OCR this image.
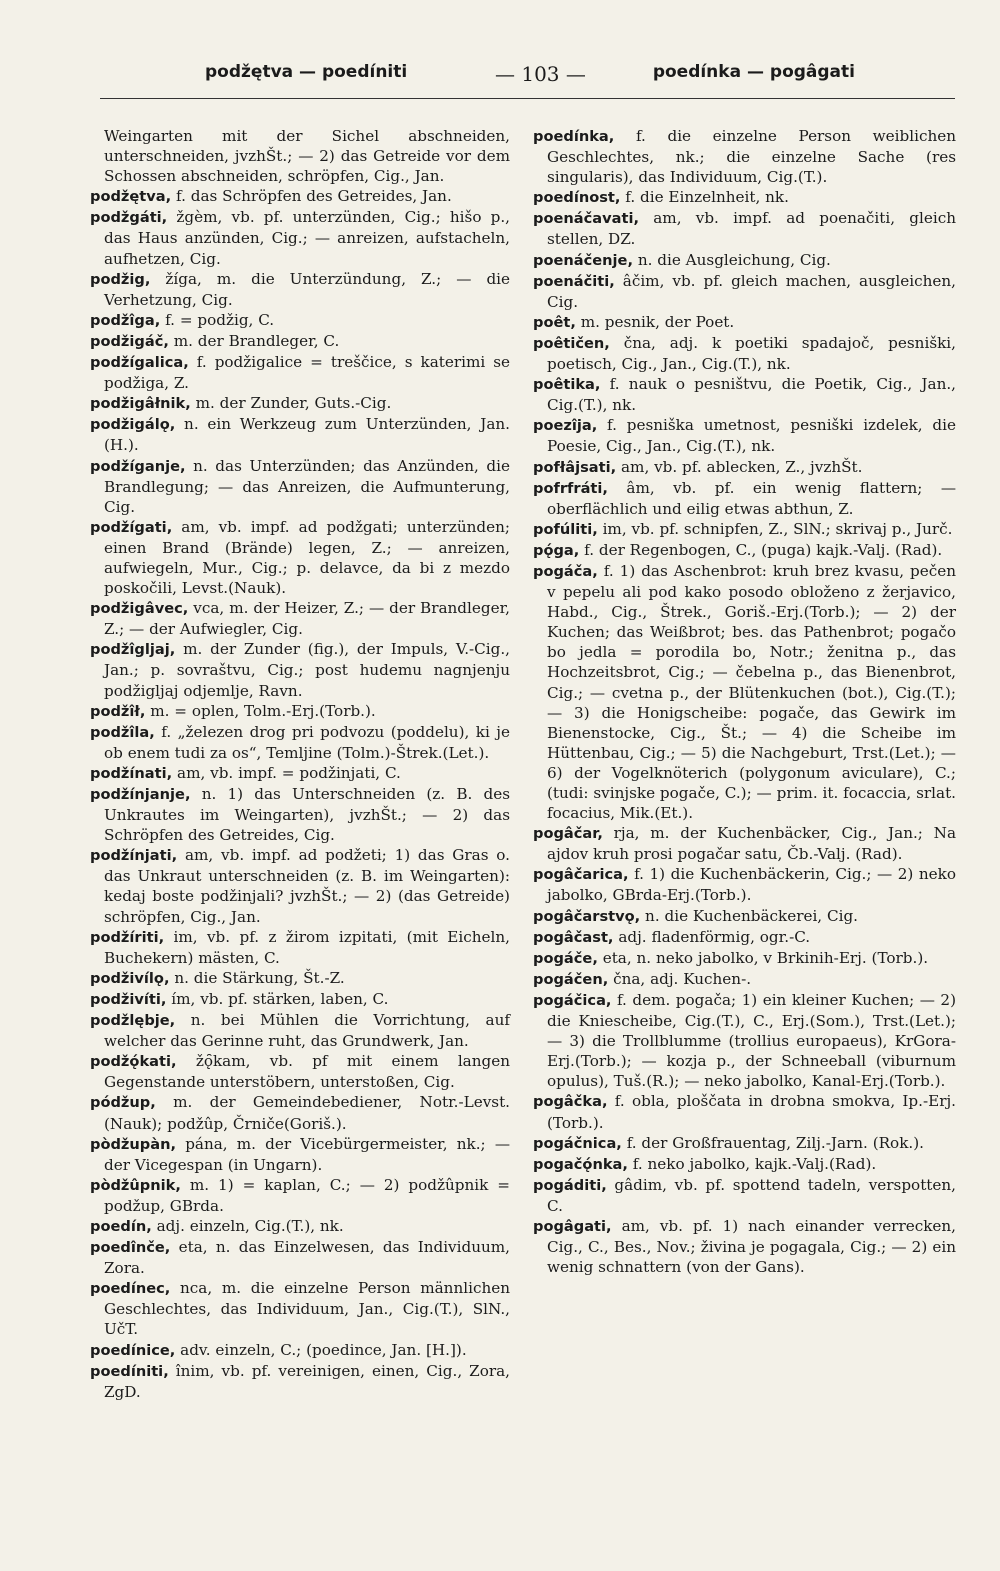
podžętva — poedíniti	— 103 —	poedínka — pogâgati

Weingarten mit der Sichel abschneiden, unterschneiden, jvzhŠt.; — 2) das Getreide vor dem Schossen abschneiden, schröpfen, Cig., Jan.

podžętva, f. das Schröpfen des Getreides, Jan.

podžgáti, žgèm, vb. pf. unterzünden, Cig.; hišo p., das Haus anzünden, Cig.; — anreizen, aufstacheln, aufhetzen, Cig.

podžig, žíga, m. die Unterzündung, Z.; — die Verhetzung, Cig.

podžîga, f. = podžig, C.

podžigáč, m. der Brandleger, C.

podžígalica, f. podžigalice = treščice, s katerimi se podžiga, Z.

podžigâłnik, m. der Zunder, Guts.-Cig.

podžigálǫ, n. ein Werkzeug zum Unterzünden, Jan.(H.).

podžíganje, n. das Unterzünden; das Anzünden, die Brandlegung; — das Anreizen, die Aufmunterung, Cig.

podžígati, am, vb. impf. ad podžgati; unterzünden; einen Brand (Brände) legen, Z.; — anreizen, aufwiegeln, Mur., Cig.; p. delavce, da bi z mezdo poskočili, Levst.(Nauk).

podžigâvec, vca, m. der Heizer, Z.; — der Brandleger, Z.; — der Aufwiegler, Cig.

podžîgljaj, m. der Zunder (fig.), der Impuls, V.-Cig., Jan.; p. sovraštvu, Cig.; post hudemu nagnjenju podžigljaj odjemlje, Ravn.

podžîł, m. = oplen, Tolm.-Erj.(Torb.).

podžîla, f. „železen drog pri podvozu (poddelu), ki je ob enem tudi za os“, Temljine (Tolm.)-Štrek.(Let.).

podžínati, am, vb. impf. = podžinjati, C.

podžínjanje, n. 1) das Unterschneiden (z. B. des Unkrautes im Weingarten), jvzhŠt.; — 2) das Schröpfen des Getreides, Cig.

podžínjati, am, vb. impf. ad podžeti; 1) das Gras o. das Unkraut unterschneiden (z. B. im Weingarten): kedaj boste podžinjali? jvzhŠt.; — 2) (das Getreide) schröpfen, Cig., Jan.

podžíriti, im, vb. pf. z žirom izpitati, (mit Eicheln, Buchekern) mästen, C.

podživílǫ, n. die Stärkung, Št.-Z.

podživíti, ím, vb. pf. stärken, laben, C.

podžlębje, n. bei Mühlen die Vorrichtung, auf welcher das Gerinne ruht, das Grundwerk, Jan.

podžǫ́kati, žǫ̑kam, vb. pf mit einem langen Gegenstande unterstöbern, unterstoßen, Cig.

pódžup, m. der Gemeindebediener, Notr.-Levst. (Nauk); podžûp, Črniče(Goriš.).

pòdžupàn, pána, m. der Vicebürgermeister, nk.; — der Vicegespan (in Ungarn).

pòdžûpnik, m. 1) = kaplan, C.; — 2) podžûpnik = podžup, GBrda.

poedín, adj. einzeln, Cig.(T.), nk.

poedînče, eta, n. das Einzelwesen, das Individuum, Zora.

poedínec, nca, m. die einzelne Person männlichen Geschlechtes, das Individuum, Jan., Cig.(T.), SlN., UčT.

poedínice, adv. einzeln, C.; (poedince, Jan. [H.]).

poedíniti, înim, vb. pf. vereinigen, einen, Cig., Zora, ZgD.

poedínka, f. die einzelne Person weiblichen Geschlechtes, nk.; die einzelne Sache (res singularis), das Individuum, Cig.(T.).

poedínost, f. die Einzelnheit, nk.

poenáčavati, am, vb. impf. ad poenačiti, gleich stellen, DZ.

poenáčenje, n. die Ausgleichung, Cig.

poenáčiti, âčim, vb. pf. gleich machen, ausgleichen, Cig.

poêt, m. pesnik, der Poet.

poêtičen, čna, adj. k poetiki spadajoč, pesniški, poetisch, Cig., Jan., Cig.(T.), nk.

poêtika, f. nauk o pesništvu, die Poetik, Cig., Jan., Cig.(T.), nk.

poezîja, f. pesniška umetnost, pesniški izdelek, die Poesie, Cig., Jan., Cig.(T.), nk.

pofłâjsati, am, vb. pf. ablecken, Z., jvzhŠt.

pofrfráti, âm, vb. pf. ein wenig flattern; — oberflächlich und eilig etwas abthun, Z.

pofúliti, im, vb. pf. schnipfen, Z., SlN.; skrivaj p., Jurč.

pǫ́ga, f. der Regenbogen, C., (puga) kajk.-Valj. (Rad).

pogáča, f. 1) das Aschenbrot: kruh brez kvasu, pečen v pepelu ali pod kako posodo obloženo z žerjavico, Habd., Cig., Štrek., Goriš.-Erj.(Torb.); — 2) der Kuchen; das Weißbrot; bes. das Pathenbrot; pogačo bo jedla = porodila bo, Notr.; ženitna p., das Hochzeitsbrot, Cig.; — čebelna p., das Bienenbrot, Cig.; — cvetna p., der Blütenkuchen (bot.), Cig.(T.); — 3) die Honigscheibe: pogače, das Gewirk im Bienenstocke, Cig., Št.; — 4) die Scheibe im Hüttenbau, Cig.; — 5) die Nachgeburt, Trst.(Let.); — 6) der Vogelknöterich (polygonum aviculare), C.; (tudi: svinjske pogače, C.); — prim. it. focaccia, srlat. focacius, Mik.(Et.).

pogâčar, rja, m. der Kuchenbäcker, Cig., Jan.; Na ajdov kruh prosi pogačar satu, Čb.-Valj. (Rad).

pogâčarica, f. 1) die Kuchenbäckerin, Cig.; — 2) neko jabolko, GBrda-Erj.(Torb.).

pogâčarstvǫ, n. die Kuchenbäckerei, Cig.

pogâčast, adj. fladenförmig, ogr.-C.

pogáče, eta, n. neko jabolko, v Brkinih-Erj. (Torb.).

pogáčen, čna, adj. Kuchen-.

pogáčica, f. dem. pogača; 1) ein kleiner Kuchen; — 2) die Kniescheibe, Cig.(T.), C., Erj.(Som.), Trst.(Let.); — 3) die Trollblumme (trollius europaeus), KrGora-Erj.(Torb.); — kozja p., der Schneeball (viburnum opulus), Tuš.(R.); — neko jabolko, Kanal-Erj.(Torb.).

pogâčka, f. obla, ploščata in drobna smokva, Ip.-Erj.(Torb.).

pogáčnica, f. der Großfrauentag, Zilj.-Jarn. (Rok.).

pogačǫ́nka, f. neko jabolko, kajk.-Valj.(Rad).

pogáditi, gâdim, vb. pf. spottend tadeln, verspotten, C.

pogâgati, am, vb. pf. 1) nach einander verrecken, Cig., C., Bes., Nov.; živina je pogagala, Cig.; — 2) ein wenig schnattern (von der Gans).
